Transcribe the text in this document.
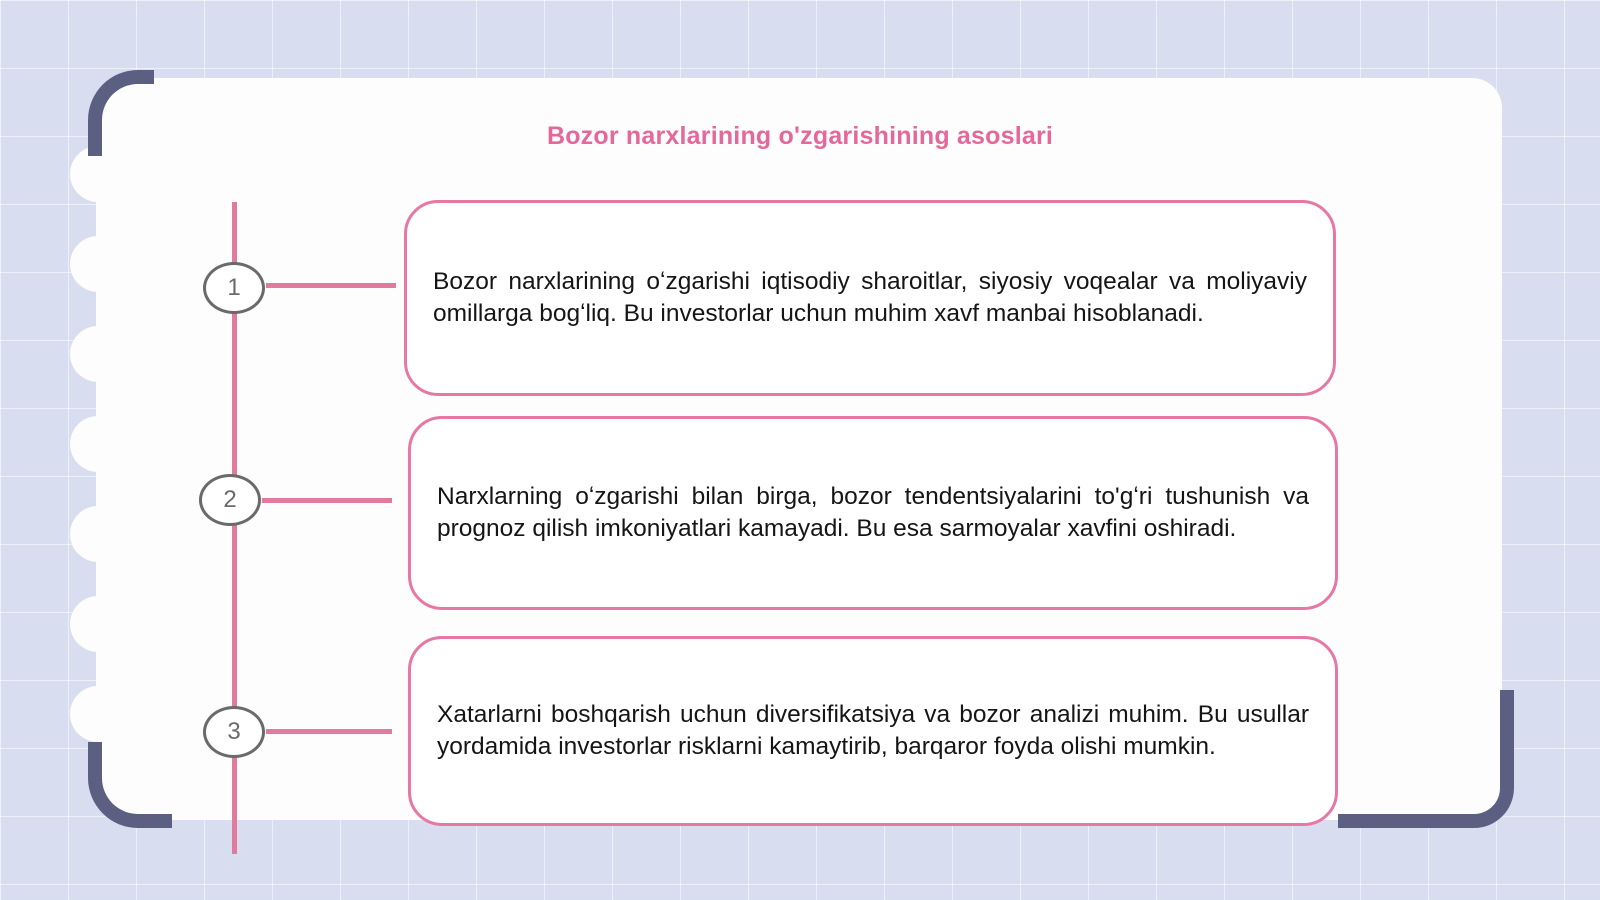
Bozor narxlarining o'zgarishining asoslari
1	Bozor narxlarining oʻzgarishi iqtisodiy sharoitlar, siyosiy voqealar va moliyaviy omillarga bogʻliq. Bu investorlar uchun muhim xavf manbai hisoblanadi.
2	Narxlarning oʻzgarishi bilan birga, bozor tendentsiyalarini to'gʻri tushunish va prognoz qilish imkoniyatlari kamayadi. Bu esa sarmoyalar xavfini oshiradi.
3
Xatarlarni boshqarish uchun diversifikatsiya va bozor analizi muhim. Bu usullar yordamida investorlar risklarni kamaytirib, barqaror foyda olishi mumkin.
